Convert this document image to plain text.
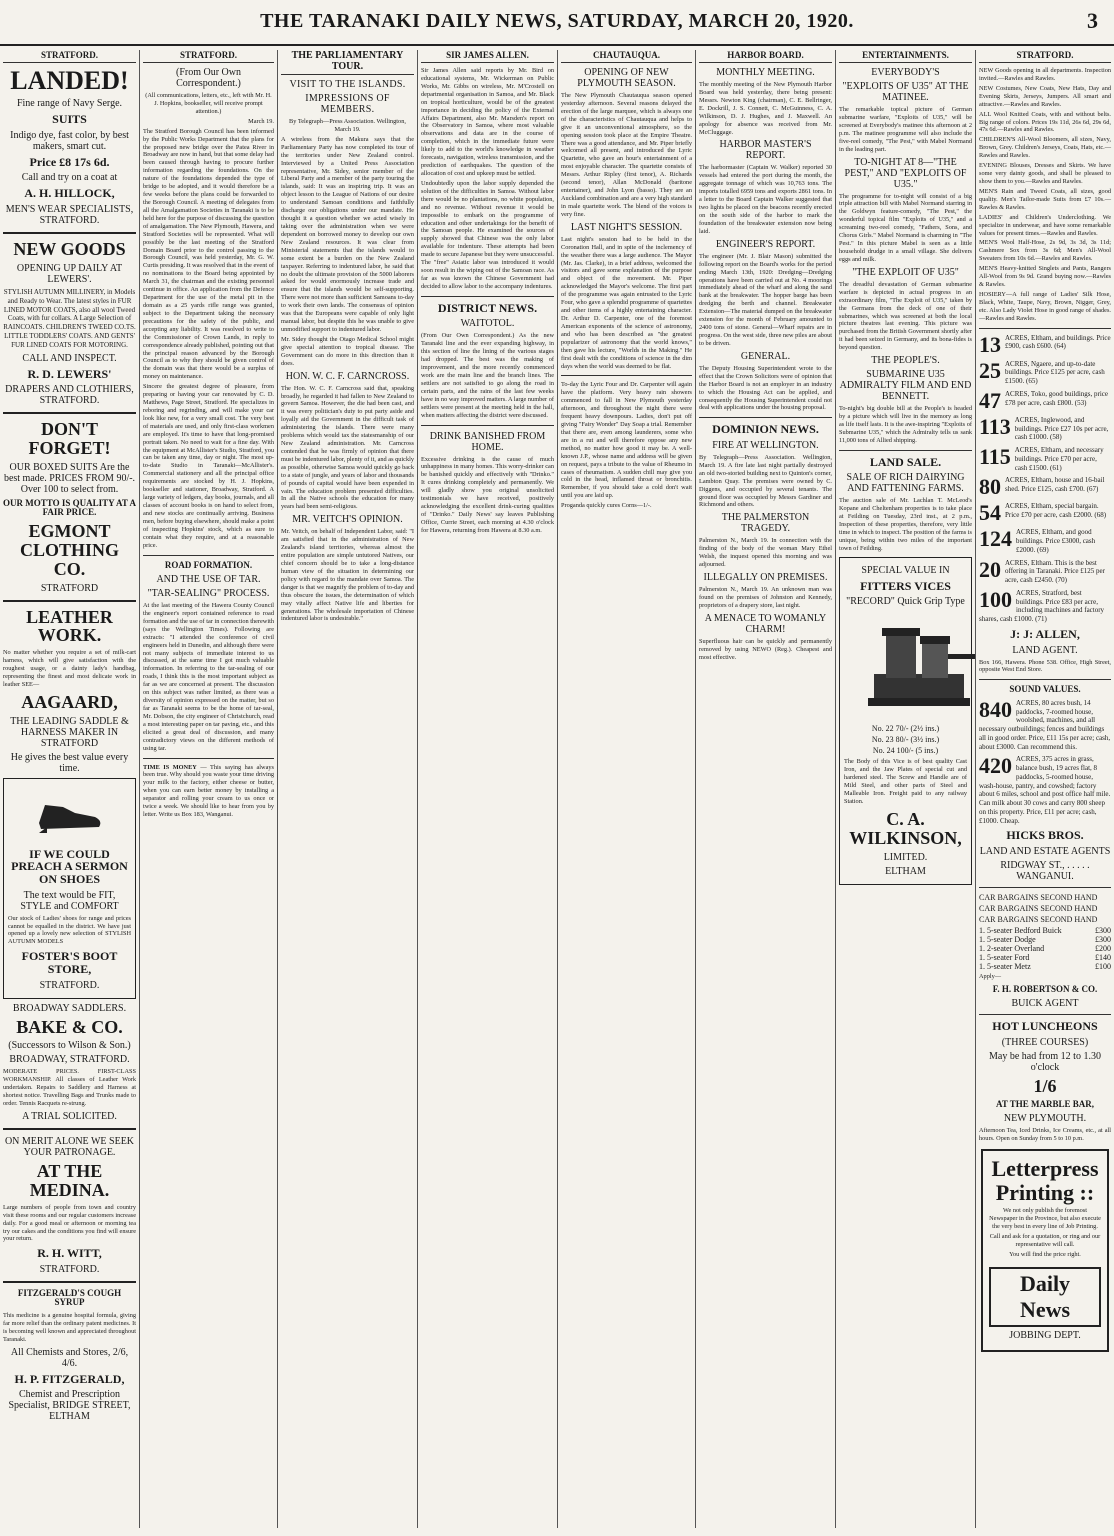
THE TARANAKI DAILY NEWS, SATURDAY, MARCH 20, 1920.	3
STRATFORD.
LANDED!
Fine range of Navy Serge.
SUITS
Indigo dye, fast color, by best makers, smart cut.
Price £8 17s 6d.
Call and try on a coat at
A. H. HILLOCK,
MEN'S WEAR SPECIALISTS, STRATFORD.
NEW GOODS
OPENING UP DAILY AT LEWERS'.
STYLISH AUTUMN MILLINERY, in Models and Ready to Wear. The latest styles in FUR LINED MOTOR COATS, also all wool Tweed Coats, with fur collars. A Large Selection of RAINCOATS. CHILDREN'S TWEED CO.TS. LITTLE TODDLERS' COATS. AND GENTS' FUR LINED COATS FOR MOTORING.
CALL AND INSPECT.
R. D. LEWERS'
DRAPERS AND CLOTHIERS, STRATFORD.
DON'T FORGET!
OUR BOXED SUITS Are the best made. PRICES FROM 90/-. Over 100 to select from.
OUR MOTTO IS QUALITY AT A FAIR PRICE.
EGMONT CLOTHING CO.
STRATFORD
LEATHER WORK.
No matter whether you require a set of milk-cart harness, which will give satisfaction with the roughest usage, or a dainty lady's handbag, representing the finest and most delicate work in leather SEE—
AAGAARD,
THE LEADING SADDLE & HARNESS MAKER IN STRATFORD
He gives the best value every time.
IF WE COULD PREACH A SERMON ON SHOES
The text would be FIT, STYLE and COMFORT
Our stock of Ladies' shoes for range and prices cannot be equalled in the district. We have just opened up a lovely new selection of STYLISH AUTUMN MODELS
FOSTER'S BOOT STORE,
STRATFORD.
BROADWAY SADDLERS.
BAKE & CO.
(Successors to Wilson & Son.)
BROADWAY, STRATFORD.
MODERATE PRICES. FIRST-CLASS WORKMANSHIP. All classes of Leather Work undertaken. Repairs to Saddlery and Harness at shortest notice. Travelling Bags and Trunks made to order. Tennis Racquets re-strung.
A TRIAL SOLICITED.
ON MERIT ALONE WE SEEK YOUR PATRONAGE.
AT THE MEDINA.
Large numbers of people from town and country visit these rooms and our regular customers increase daily. For a good meal or afternoon or morning tea try our cakes and the conditions you find will ensure your return.
R. H. WITT,
STRATFORD.
FITZGERALD'S COUGH SYRUP
This medicine is a genuine hospital formula, giving far more relief than the ordinary patent medicines. It is becoming well known and appreciated throughout Taranaki.
All Chemists and Stores, 2/6, 4/6.
H. P. FITZGERALD,
Chemist and Prescription Specialist, BRIDGE STREET, ELTHAM
STRATFORD.
(From Our Own Correspondent.)
(All communications, letters, etc., left with Mr. H. J. Hopkins, bookseller, will receive prompt attention.)
March 19.
The Stratford Borough Council has been informed by the Public Works Department that the plans for the proposed new bridge over the Patea River in Broadway are now in hand, but that some delay had been caused through having to procure further information regarding the foundations. On the nature of the foundations depended the type of bridge to be adopted, and it would therefore be a few weeks before the plans could be forwarded to the Borough Council. A meeting of delegates from all the Amalgamation Societies in Taranaki is to be held here for the purpose of discussing the question of amalgamation. The New Plymouth, Hawera, and Stratford Societies will be represented. What will possibly be the last meeting of the Stratford Domain Board prior to the control passing to the Borough Council, was held yesterday, Mr. G. W. Curtis presiding. It was resolved that in the event of no nominations to the Board being appointed by March 31, the chairman and the existing personnel continue in office. An application from the Defence Department for the use of the metal pit in the domain as a 25 yards rifle range was granted, subject to the Department taking the necessary precautions for the safety of the public, and accepting any liability. It was resolved to write to the Commissioner of Crown Lands, in reply to correspondence already published, pointing out that the principal reason advanced by the Borough Council as to why they should be given control of the domain was that there would be a surplus of money on maintenance.
Sincere the greatest degree of pleasure, from preparing or having your car renovated by C. D. Matthews, Page Street, Stratford. He specializes in reboring and regrinding, and will make your car look like new, for a very small cost. The very best of materials are used, and only first-class workmen are employed. It's time to have that long-promised portrait taken. No need to wait for a fine day. With the equipment at McAllister's Studio, Stratford, you can be taken any time, day or night. The most up-to-date Studio in Taranaki—McAllister's. Commercial stationery and all the principal office requirements are stocked by H. J. Hopkins, bookseller and stationer, Broadway, Stratford. A large variety of ledgers, day books, journals, and all classes of account books is on hand to select from, and new stocks are continually arriving. Business men, before buying elsewhere, should make a point of inspecting Hopkins' stock, which as sure to contain what they require, and at a reasonable price.
ROAD FORMATION.
AND THE USE OF TAR.
"TAR-SEALING" PROCESS.
At the last meeting of the Hawera County Council the engineer's report contained reference to road formation and the use of tar in connection therewith (says the Wellington Times). Following are extracts: "I attended the conference of civil engineers held in Dunedin, and although there were not many subjects of immediate interest to us discussed, at the same time I got much valuable information. In referring to the tar-sealing of our roads, I think this is the most important subject as far as we are concerned at present. The discussion on this subject was rather limited, as there was a diversity of opinion expressed on the matter, but so far as Taranaki seems to be the home of tar-seal, Mr. Dobson, the city engineer of Christchurch, read a most interesting paper on tar paving, etc., and this elicited a great deal of discussion, and many contradictory views on the different methods of using tar.
TIME IS MONEY — This saying has always been true. Why should you waste your time driving your milk to the factory, either cheese or butter, when you can earn better money by installing a separator and rolling your cream to us once or twice a week. We should like to hear from you by letter. Write us Box 183, Wanganui.
THE PARLIAMENTARY TOUR.
VISIT TO THE ISLANDS.
IMPRESSIONS OF MEMBERS.
By Telegraph—Press Association. Wellington, March 19.
A wireless from the Makura says that the Parliamentary Party has now completed its tour of the territories under New Zealand control. Interviewed by a United Press Association representative, Mr. Sidey, senior member of the Liberal Party and a member of the party touring the islands, said: It was an inspiring trip. It was an object lesson to the League of Nations of our desire to understand Samoan conditions and faithfully discharge our obligations under our mandate. He thought it a question whether we acted wisely in taking over the administration when we were dependent on borrowed money to develop our own New Zealand resources. It was clear from Ministerial statements that the islands would to some extent be a burden on the New Zealand taxpayer. Referring to indentured labor, he said that no doubt the ultimate provision of the 5000 laborers asked for would enormously increase trade and ensure that the islands would be self-supporting. There were not more than sufficient Samoans to-day to work their own lands. The consensus of opinion was that the Europeans were capable of only light manual labor, but despite this he was unable to give unmodified support to indentured labor.
Mr. Sidey thought the Otago Medical School might give special attention to tropical disease. The Government can do more in this direction than it does.
HON. W. C. F. CARNCROSS.
The Hon. W. C. F. Carncross said that, speaking broadly, he regarded it had fallen to New Zealand to govern Samoa. However, the die had been cast, and it was every politician's duty to put party aside and loyally aid the Government in the difficult task of administering the islands. There were many problems which would tax the statesmanship of our New Zealand administration. Mr. Carncross contended that he was firmly of opinion that there must be indentured labor, plenty of it, and as quickly as possible, otherwise Samoa would quickly go back to a state of jungle, and years of labor and thousands of pounds of capital would have been expended in vain. The education problem presented difficulties. In all the Native schools the education for many years had been semi-religious.
MR. VEITCH'S OPINION.
Mr. Veitch, on behalf of Independent Labor, said: "I am satisfied that in the administration of New Zealand's island territories, whereas almost the entire population are simple untutored Natives, our chief concern should be to take a long-distance human view of the situation in determining our policy with regard to the mandate over Samoa. The danger is that we magnify the problem of to-day and thus obscure the issues, the determination of which may vitally affect Native life and liberties for generations. The wholesale importation of Chinese indentured labor is undesirable."
SIR JAMES ALLEN.
Sir James Allen said reports by Mr. Bird on educational systems, Mr. Wickerman on Public Works, Mr. Gibbs on wireless, Mr. M'Crostell on departmental organisation in Samoa, and Mr. Black on tropical horticulture, would be of the greatest importance in deciding the policy of the External Affairs Department, also Mr. Marsden's report on the Observatory in Samoa, where most valuable observations and data are in the course of completion, which in the immediate future were likely to add to the world's knowledge in weather forecasts, navigation, wireless transmission, and the prediction of earthquakes. The question of the allocation of cost and upkeep must be settled.
Undoubtedly upon the labor supply depended the solution of the difficulties in Samoa. Without labor there would be no plantations, no white population, and no revenue. Without revenue it would be impossible to embark on the programme of education and other undertakings for the benefit of the Samoan people. He examined the sources of supply showed that Chinese was the only labor available for indenture. These attempts had been made to secure Japanese but they were unsuccessful. The "free" Asiatic labor was introduced it would soon result in the wiping out of the Samoan race. As far as was known the Chinese Government had decided to allow labor to the accompany indentures.
DISTRICT NEWS.
WAITOTOL.
(From Our Own Correspondent.) As the new Taranaki line and the ever expanding highway, in this section of line the lining of the various stages had dropped. The best was the making of improvement, and the more recently commenced work are the main line and the branch lines. The settlers are not satisfied to go along the road in certain parts, and the rains of the last few weeks have in no way improved matters. A large number of settlers were present at the meeting held in the hall, when matters affecting the district were discussed.
DRINK BANISHED FROM HOME.
Excessive drinking is the cause of much unhappiness in many homes. This worry-drinker can be banished quickly and effectively with "Drinko." It cures drinking completely and permanently. We will gladly show you original unsolicited testimonials we have received, positively acknowledging the excellent drink-curing qualities of "Drinko." Daily News' say leaves Publishing Office, Currie Street, each morning at 4.30 o'clock for Hawera, returning from Hawera at 8.30 a.m.
CHAUTAUQUA.
OPENING OF NEW PLYMOUTH SEASON.
The New Plymouth Chautauqua season opened yesterday afternoon. Several reasons delayed the erection of the large marquee, which is always one of the characteristics of Chautauqua and helps to give it an unconventional atmosphere, so the opening session took place at the Empire Theatre. There was a good attendance, and Mr. Piper briefly welcomed all present, and introduced the Lyric Quartette, who gave an hour's entertainment of a most enjoyable character. The quartette consists of Messrs. Arthur Ripley (first tenor), A. Richards (second tenor), Allan McDonald (baritone entertainer), and John Lyon (basso). They are an Auckland combination and are a very high standard in male quartette work. The blend of the voices is very fine.
LAST NIGHT'S SESSION.
Last night's session had to be held in the Coronation Hall, and in spite of the inclemency of the weather there was a large audience. The Mayor (Mr. Jas. Clarke), in a brief address, welcomed the visitors and gave some explanation of the purpose and object of the movement. Mr. Piper acknowledged the Mayor's welcome. The first part of the programme was again entrusted to the Lyric Four, who gave a splendid programme of quartettes and other items of a highly entertaining character. Dr. Arthur D. Carpenter, one of the foremost American exponents of the science of astronomy, and who has been described as "the greatest popularizer of astronomy that the world knows," then gave his lecture, "Worlds in the Making." He first dealt with the conditions of science in the dim days when the world was deemed to be flat.
To-day the Lyric Four and Dr. Carpenter will again have the platform. Very heavy rain showers commenced to fall in New Plymouth yesterday afternoon, and throughout the night there were frequent heavy downpours. Ladies, don't put off giving "Fairy Wonder" Day Soap a trial. Remember that there are, even among launderers, some who are in a rut and will therefore oppose any new method, no matter how good it may be. A well-known J.P., whose name and address will be given on request, pays a tribute to the value of Rheumo in cases of rheumatism. A sudden chill may give you cold in the head, inflamed throat or bronchitis. Remember, if you should take a cold don't wait until you are laid up.
Proganda quickly cures Corns—1/-.
HARBOR BOARD.
MONTHLY MEETING.
The monthly meeting of the New Plymouth Harbor Board was held yesterday, there being present: Messrs. Newton King (chairman), C. E. Bellringer, E. Dockrill, J. S. Connett, C. McGuinness, C. A. Wilkinson, D. J. Hughes, and J. Maxwell. An apology for absence was received from Mr. McCluggage.
HARBOR MASTER'S REPORT.
The harbormaster (Captain W. Walker) reported 30 vessels had entered the port during the month, the aggregate tonnage of which was 10,763 tons. The imports totalled 6959 tons and exports 2861 tons. In a letter to the Board Captain Walker suggested that two lights be placed on the beacons recently erected on the south side of the harbor to mark the foundation of the breakwater extension now being laid.
ENGINEER'S REPORT.
The engineer (Mr. J. Blair Mason) submitted the following report on the Board's works for the period ending March 13th, 1920: Dredging—Dredging operations have been carried out at No. 4 moorings immediately ahead of the wharf and along the sand bank at the breakwater. The hopper barge has been dredging the berth and channel. Breakwater Extension—The material dumped on the breakwater extension for the month of February amounted to 2400 tons of stone. General—Wharf repairs are in progress. On the west side, three new piles are about to be driven.
GENERAL.
The Deputy Housing Superintendent wrote to the effect that the Crown Solicitors were of opinion that the Harbor Board is not an employer in an industry to which the Housing Act can be applied, and consequently the Housing Superintendent could not deal with applications under the housing proposal.
DOMINION NEWS.
FIRE AT WELLINGTON.
By Telegraph—Press Association. Wellington, March 19. A fire late last night partially destroyed an old two-storied building next to Quinton's corner, Lambton Quay. The premises were owned by C. Diggens, and occupied by several tenants. The ground floor was occupied by Messrs Gardiner and Richmond and others.
THE PALMERSTON TRAGEDY.
Palmerston N., March 19. In connection with the finding of the body of the woman Mary Ethel Welsh, the inquest opened this morning and was adjourned.
ILLEGALLY ON PREMISES.
Palmerston N., March 19. An unknown man was found on the premises of Johnston and Kennedy, proprietors of a drapery store, last night.
A MENACE TO WOMANLY CHARM!
Superfluous hair can be quickly and permanently removed by using NEWO (Reg.). Cheapest and most effective.
ENTERTAINMENTS.
EVERYBODY'S
"EXPLOITS OF U35" AT THE MATINEE.
The remarkable topical picture of German submarine warfare, "Exploits of U35," will be screened at Everybody's matinee this afternoon at 2 p.m. The matinee programme will also include the five-reel comedy, "The Pest," with Mabel Normand in the leading part.
TO-NIGHT AT 8—"THE PEST," AND "EXPLOITS OF U35."
The programme for to-night will consist of a big triple attraction bill with Mabel Normand starring in the Goldwyn feature-comedy, "The Pest," the wonderful topical film "Exploits of U35," and a screaming two-reel comedy, "Fathers, Sons, and Chorus Girls." Mabel Normand is charming in "The Pest." In this picture Mabel is seen as a little household drudge in a small village. She delivers eggs and milk.
"THE EXPLOIT OF U35"
The dreadful devastation of German submarine warfare is depicted in actual progress in an extraordinary film, "The Exploit of U35," taken by the Germans from the deck of one of their submarines, which was screened at both the local picture theatres last evening. This picture was purchased from the British Government shortly after it had been seized in Germany, and its bona-fides is beyond question.
THE PEOPLE'S.
SUBMARINE U35 ADMIRALTY FILM AND END BENNETT.
To-night's big double bill at the People's is headed by a picture which will live in the memory as long as life itself lasts. It is the awe-inspiring "Exploits of Submarine U35," which the Admiralty tells us sank 11,000 tons of Allied shipping.
LAND SALE.
SALE OF RICH DAIRYING AND FATTENING FARMS.
The auction sale of Mr. Lachlan T. McLeod's Kopane and Cheltenham properties is to take place at Feilding on Tuesday, 23rd inst., at 2 p.m., Inspection of these properties, therefore, very little time in which to inspect. The position of the farms is unique, being within two miles of the important town of Feilding.
SPECIAL VALUE IN
FITTERS VICES
"RECORD" Quick Grip Type
No. 22 70/- (2½ ins.)
No. 23 80/- (3½ ins.)
No. 24 100/- (5 ins.)
The Body of this Vice is of best quality Cast Iron, and the Jaw Plates of special cut and hardened steel. The Screw and Handle are of Mild Steel, and other parts of Steel and Malleable Iron. Freight paid to any railway Station.
C. A. WILKINSON,
LIMITED.
ELTHAM
STRATFORD.
NEW Goods opening in all departments. Inspection invited.—Rawles and Rawles.
NEW Costumes, New Coats, New Hats, Day and Evening Skirts, Jerseys, Jumpers. All smart and attractive.—Rawles and Rawles.
ALL Wool Knitted Coats, with and without belts. Big range of colors. Prices 19s 11d, 26s 6d, 29s 6d, 47s 6d.—Rawles and Rawles.
CHILDREN'S All-Wool Bloomers, all sizes, Navy, Brown, Grey. Children's Jerseys, Coats, Hats, etc.—Rawles and Rawles.
EVENING Blouses, Dresses and Skirts. We have some very dainty goods, and shall be pleased to show them to you.—Rawles and Rawles.
MEN'S Rain and Tweed Coats, all sizes, good quality. Men's Tailor-made Suits from £7 10s.—Rawles & Rawles.
LADIES' and Children's Underclothing. We specialize in underwear, and have some remarkable values for present times.—Rawles and Rawles.
MEN'S Wool Half-Hose, 2s 9d, 3s 3d, 3s 11d; Cashmere Sox from 3s 6d; Men's All-Wool Sweaters from 10s 6d.—Rawles and Rawles.
MEN'S Heavy-knitted Singlets and Pants, Rangers All-Wool from 9s 9d. Grand buying now.—Rawles & Rawles.
HOSIERY—A full range of Ladies' Silk Hose, Black, White, Taupe, Navy, Brown, Nigger, Grey, etc. Also Lady Violet Hose in good range of shades.—Rawles and Rawles.
13 ACRES, Eltham, and buildings. Price £900, cash £600. (64)
25 ACRES, Ngaere, and up-to-date buildings. Price £125 per acre, cash £1500. (65)
47 ACRES, Toko, good buildings, price £78 per acre, cash £800. (53)
113 ACRES, Inglewood, and buildings. Price £27 10s per acre, cash £1000. (58)
115 ACRES, Eltham, and necessary buildings. Price £70 per acre, cash £1500. (61)
80 ACRES, Eltham, house and 16-bail shed. Price £125, cash £700. (67)
54 ACRES, Eltham, special bargain. Price £70 per acre, cash £2000. (68)
124 ACRES, Eltham, and good buildings. Price £3000, cash £2000. (69)
20 ACRES, Eltham. This is the best offering in Taranaki. Price £125 per acre, cash £2450. (70)
100 ACRES, Stratford, best buildings. Price £83 per acre, including machines and factory shares, cash £1000. (71)
J: J: ALLEN,
LAND AGENT.
Box 166, Hawera. Phone 538. Office, High Street, opposite West End Store.
SOUND VALUES.
840 ACRES, 80 acres bush, 14 paddocks, 7-roomed house, woolshed, machines, and all necessary outbuildings; fences and buildings all in good order. Price, £11 15s per acre; cash, about £3000. Can recommend this.
420 ACRES, 375 acres in grass, balance bush, 19 acres flat, 8 paddocks, 5-roomed house, wash-house, pantry, and cowshed; factory about 6 miles, school and post office half mile. Can milk about 30 cows and carry 800 sheep on this property. Price, £11 per acre; cash, £1000. Cheap.
HICKS BROS.
LAND AND ESTATE AGENTS
RIDGWAY ST., . . . . . WANGANUI.
CAR BARGAINS SECOND HAND
CAR BARGAINS SECOND HAND
CAR BARGAINS SECOND HAND
1. 5-seater Bedford Buick	£300
1. 5-seater Dodge	£300
1. 2-seater Overland	£200
1. 5-seater Ford	£140
1. 5-seater Metz	£100
Apply—
F. H. ROBERTSON & CO.
BUICK AGENT
HOT LUNCHEONS
(THREE COURSES)
May be had from 12 to 1.30 o'clock
1/6
AT THE MARBLE BAR,
NEW PLYMOUTH.
Afternoon Tea, Iced Drinks, Ice Creams, etc., at all hours. Open on Sunday from 5 to 10 p.m.
Letterpress
Printing ::
We not only publish the foremost Newspaper in the Province, but also execute the very best in every line of Job Printing.
Call and ask for a quotation, or ring and our representative will call.
You will find the price right.
Daily News
JOBBING DEPT.
